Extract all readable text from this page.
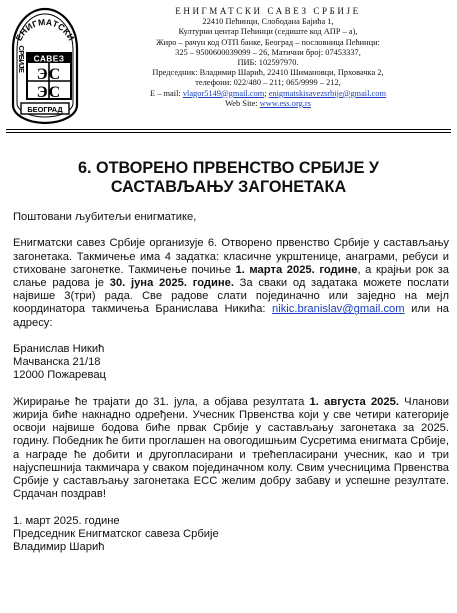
ЕНИГМАТСКИ
САВЕЗ
ЭС
ЭС
СРБИЈЕ
БЕОГРАД
ЕНИГМАТСКИ САВЕЗ СРБИЈЕ
22410 Пећинци, Слободана Бајића 1,
Културни центар Пећинци (седиште код АПР – а),
Жиро – рачун код ОТП банке, Београд – пословница Пећинци:
325 – 9500600039099 – 26, Матични број: 07453337,
ПИБ: 102597970.
Председник: Владимир Шарић, 22410 Шимановци, Прховачка 2,
телефони: 022/480 – 211; 065/9999 – 212,
E – mail: vlagor5149@gmail.com; enigmatskisavezsrbije@gmail.com
Web Site: www.ess.org.rs
6. ОТВОРЕНО ПРВЕНСТВО СРБИЈЕ У
САСТАВЉАЊУ ЗАГОНЕТАКА

Поштовани љубитељи енигматике,

Енигматски савез Србије организује 6. Отворено првенство Србије у састављању загонетака. Такмичење има 4 задатка: класичне укрштенице, анаграми, ребуси и стиховане загонетке. Такмичење почиње 1. марта 2025. године, а крајњи рок за слање радова је 30. јуна 2025. године. За сваки од задатака можете послати највише 3(три) рада. Све радове слати појединачно или заједно на мејл координатора такмичења Бранислава Никића: nikic.branislav@gmail.com или на адресу:

Бранислав Никић

Мачванска 21/18

12000 Пожаревац

Жирирање ће трајати до 31. јула, а објава резултата 1. августа 2025. Чланови жирија биће накнадно одређени. Учесник Првенства који у све четири категорије освоји највише бодова биће првак Србије у састављању загонетака за 2025. годину. Победник ће бити проглашен на овогодишњим Сусретима енигмата Србије, а награде ће добити и другопласирани и трећепласирани учесник, као и три најуспешнија такмичара у сваком појединачном колу. Свим учесницима Првенства Србије у састављању загонетака ЕСС желим добру забаву и успешне резултате. Срдачан поздрав!

1. март 2025. године

Председник Енигматског савеза Србије

Владимир Шарић
